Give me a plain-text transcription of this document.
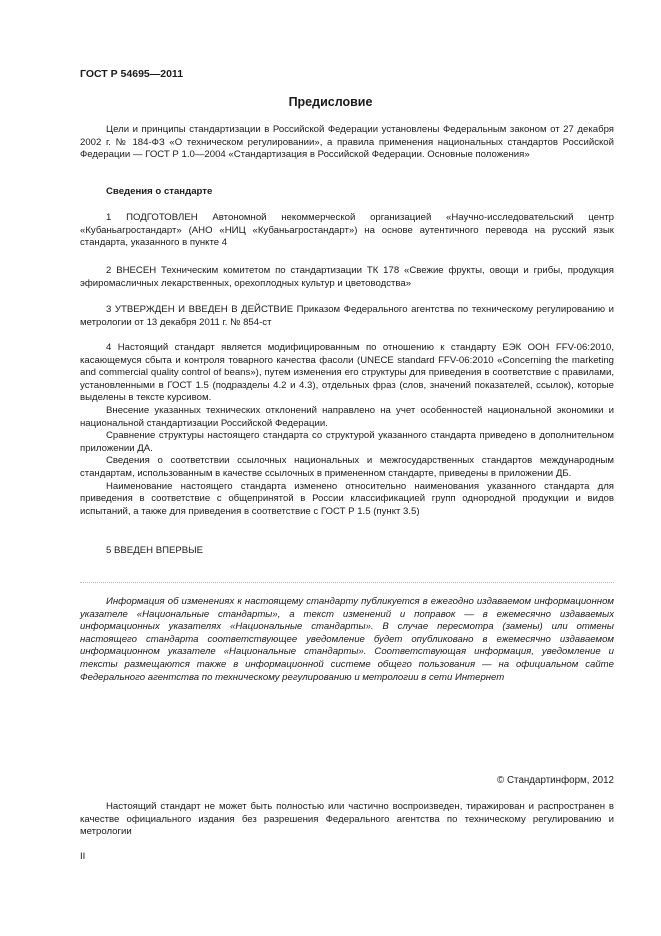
ГОСТ Р 54695—2011
Предисловие

Цели и принципы стандартизации в Российской Федерации установлены Федеральным законом от 27 декабря 2002 г. № 184-ФЗ «О техническом регулировании», а правила применения национальных стандартов Российской Федерации — ГОСТ Р 1.0—2004 «Стандартизация в Российской Федерации. Основные положения»

Сведения о стандарте

1 ПОДГОТОВЛЕН Автономной некоммерческой организацией «Научно-исследовательский центр «Кубаньагростандарт» (АНО «НИЦ «Кубаньагростандарт») на основе аутентичного перевода на русский язык стандарта, указанного в пункте 4

2 ВНЕСЕН Техническим комитетом по стандартизации ТК 178 «Свежие фрукты, овощи и грибы, продукция эфиромасличных лекарственных, орехоплодных культур и цветоводства»

3 УТВЕРЖДЕН И ВВЕДЕН В ДЕЙСТВИЕ Приказом Федерального агентства по техническому регулированию и метрологии от 13 декабря 2011 г. № 854-ст

4 Настоящий стандарт является модифицированным по отношению к стандарту ЕЭК ООН FFV-06:2010, касающемуся сбыта и контроля товарного качества фасоли (UNECE standard FFV-06:2010 «Concerning the marketing and commercial quality control of beans»), путем изменения его структуры для приведения в соответствие с правилами, установленными в ГОСТ 1.5 (подразделы 4.2 и 4.3), отдельных фраз (слов, значений показателей, ссылок), которые выделены в тексте курсивом.

Внесение указанных технических отклонений направлено на учет особенностей национальной экономики и национальной стандартизации Российской Федерации.

Сравнение структуры настоящего стандарта со структурой указанного стандарта приведено в дополнительном приложении ДА.

Сведения о соответствии ссылочных национальных и межгосударственных стандартов международным стандартам, использованным в качестве ссылочных в примененном стандарте, приведены в приложении ДБ.

Наименование настоящего стандарта изменено относительно наименования указанного стандарта для приведения в соответствие с общепринятой в России классификацией групп однородной продукции и видов испытаний, а также для приведения в соответствие с ГОСТ Р 1.5 (пункт 3.5)

5 ВВЕДЕН ВПЕРВЫЕ

Информация об изменениях к настоящему стандарту публикуется в ежегодно издаваемом информационном указателе «Национальные стандарты», а текст изменений и поправок — в ежемесячно издаваемых информационных указателях «Национальные стандарты». В случае пересмотра (замены) или отмены настоящего стандарта соответствующее уведомление будет опубликовано в ежемесячно издаваемом информационном указателе «Национальные стандарты». Соответствующая информация, уведомление и тексты размещаются также в информационной системе общего пользования — на официальном сайте Федерального агентства по техническому регулированию и метрологии в сети Интернет

© Стандартинформ, 2012

Настоящий стандарт не может быть полностью или частично воспроизведен, тиражирован и распространен в качестве официального издания без разрешения Федерального агентства по техническому регулированию и метрологии

II
